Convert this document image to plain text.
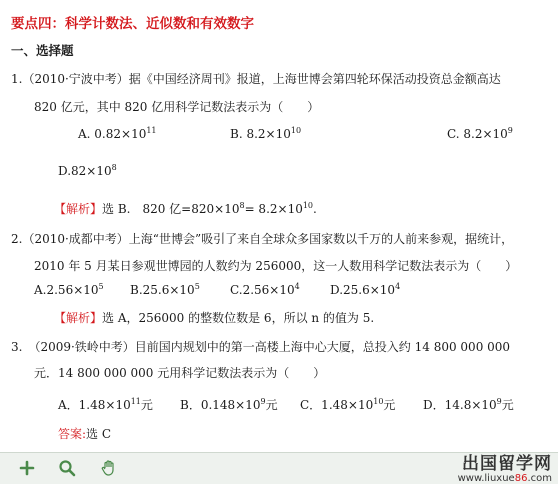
要点四：科学计数法、近似数和有效数字
一、选择题
1.（2010·宁波中考）据《中国经济周刊》报道，上海世博会第四轮环保活动投资总金额高达
820 亿元，其中 820 亿用科学记数法表示为（　　）
A. $0.82\times 10^{11}$	B. $8.2\times 10^{10}$	C. $8.2\times 10^9$
$D.82\times 10^8$
【解析】选 B.　820 亿$=820\times 10^8= 8.2\times 10^{10}$.
2.（2010·成都中考）上海“世博会”吸引了来自全球众多国家数以千万的人前来参观，据统计，
2010 年 5 月某日参观世博园的人数约为 256000，这一人数用科学记数法表示为（　　）
$A.2.56\times 10^5$ $B.25.6\times 10^5$	$C.2.56\times 10^4$	$D.25.6\times 10^4$
【解析】选 A，256000 的整数位数是 6，所以 n 的值为 5.
3.　（2009·铁岭中考）目前国内规划中的第一高楼上海中心大厦，总投入约 14 800 000 000
元．14 800 000 000 元用科学记数法表示为（　　）
A．$1.48\times 10^{11}$元 B．$0.148\times 10^9$元 C．$1.48\times 10^{10}$元 D．$14.8\times 10^9$元
答案:选 C
出国留学网
www.liuxue86.com
